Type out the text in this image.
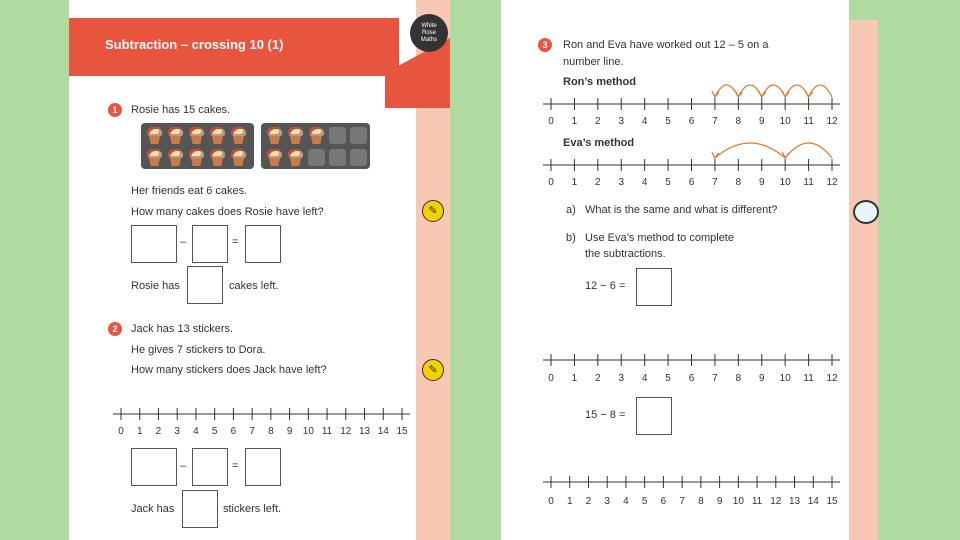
Subtraction – crossing 10 (1)
White
Rose
Maths
1	Rosie has 15 cakes.
Her friends eat 6 cakes.
How many cakes does Rosie have left?	✎
–	=
Rosie has	cakes left.
2	Jack has 13 stickers.
He gives 7 stickers to Dora.
How many stickers does Jack have left?	✎
0 1 2 3 4 5 6 7 8 9 10 11 12 13 14 15
0 1 2 3 4 5 6 7 8 9 10 11 12
0 1 2 3 4 5 6 7 8 9 10 11 12
0 1 2 3 4 5 6 7 8 9 10 11 12
0 1 2 3 4 5 6 7 8 9 10 11 12 13 14 15
–	=
Jack has	stickers left.
3	Ron and Eva have worked out 12 – 5 on a
number line.
Ron’s method
Eva’s method
a) What is the same and what is different?
b) Use Eva’s method to complete
the subtractions.
12 − 6 =
15 − 8 =
